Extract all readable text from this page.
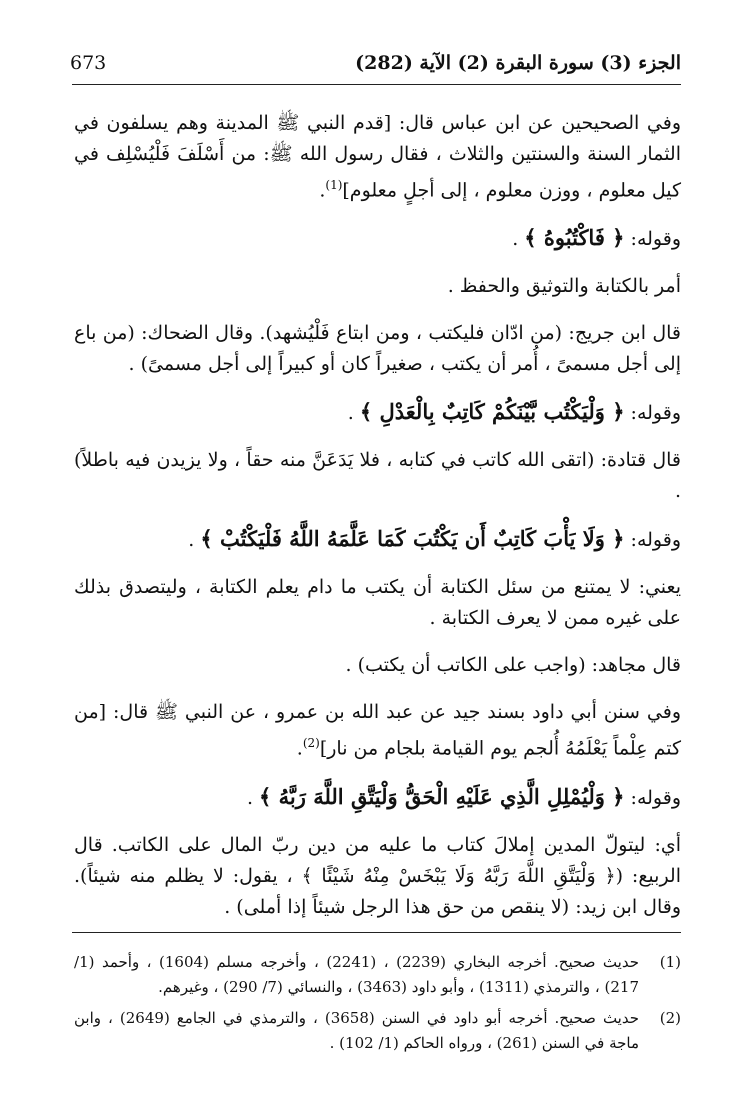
الجزء (3) سورة البقرة (2) الآية (282)
673

وفي الصحيحين عن ابن عباس قال: [قدم النبي ﷺ المدينة وهم يسلفون في الثمار السنة والسنتين والثلاث ، فقال رسول الله ﷺ: من أَسْلَفَ فَلْيُسْلِف في كيل معلوم ، ووزن معلوم ، إلى أجلٍ معلوم]$^{(1)}$.

وقوله: ﴿ فَاكْتُبُوهُ ﴾ .

أمر بالكتابة والتوثيق والحفظ .

قال ابن جريج: (من ادّان فليكتب ، ومن ابتاع فَلْيُشهد). وقال الضحاك: (من باع إلى أجل مسمىً ، أُمر أن يكتب ، صغيراً كان أو كبيراً إلى أجل مسمىً) .

وقوله: ﴿ وَلْيَكْتُب بَّيْنَكُمْ كَاتِبٌ بِالْعَدْلِ ﴾ .

قال قتادة: (اتقى الله كاتب في كتابه ، فلا يَدَعَنَّ منه حقاً ، ولا يزيدن فيه باطلاً) .

وقوله: ﴿ وَلَا يَأْبَ كَاتِبٌ أَن يَكْتُبَ كَمَا عَلَّمَهُ اللَّهُ فَلْيَكْتُبْ ﴾ .

يعني: لا يمتنع من سئل الكتابة أن يكتب ما دام يعلم الكتابة ، وليتصدق بذلك على غيره ممن لا يعرف الكتابة .

قال مجاهد: (واجب على الكاتب أن يكتب) .

وفي سنن أبي داود بسند جيد عن عبد الله بن عمرو ، عن النبي ﷺ قال: [من كتم عِلْماً يَعْلَمُهُ أُلجم يوم القيامة بلجام من نار]$^{(2)}$.

وقوله: ﴿ وَلْيُمْلِلِ الَّذِي عَلَيْهِ الْحَقُّ وَلْيَتَّقِ اللَّهَ رَبَّهُ ﴾ .

أي: ليتولّ المدين إملالَ كتاب ما عليه من دين ربّ المال على الكاتب. قال الربيع: (﴿ وَلْيَتَّقِ اللَّهَ رَبَّهُ وَلَا يَبْخَسْ مِنْهُ شَيْئًا ﴾ ، يقول: لا يظلم منه شيئاً). وقال ابن زيد: (لا ينقص من حق هذا الرجل شيئاً إذا أملى) .

(1)
حديث صحيح. أخرجه البخاري (2239) ، (2241) ، وأخرجه مسلم (1604) ، وأحمد (1/ 217) ، والترمذي (1311) ، وأبو داود (3463) ، والنسائي (7/ 290) ، وغيرهم.
(2)
حديث صحيح. أخرجه أبو داود في السنن (3658) ، والترمذي في الجامع (2649) ، وابن ماجة في السنن (261) ، ورواه الحاكم (1/ 102) .
